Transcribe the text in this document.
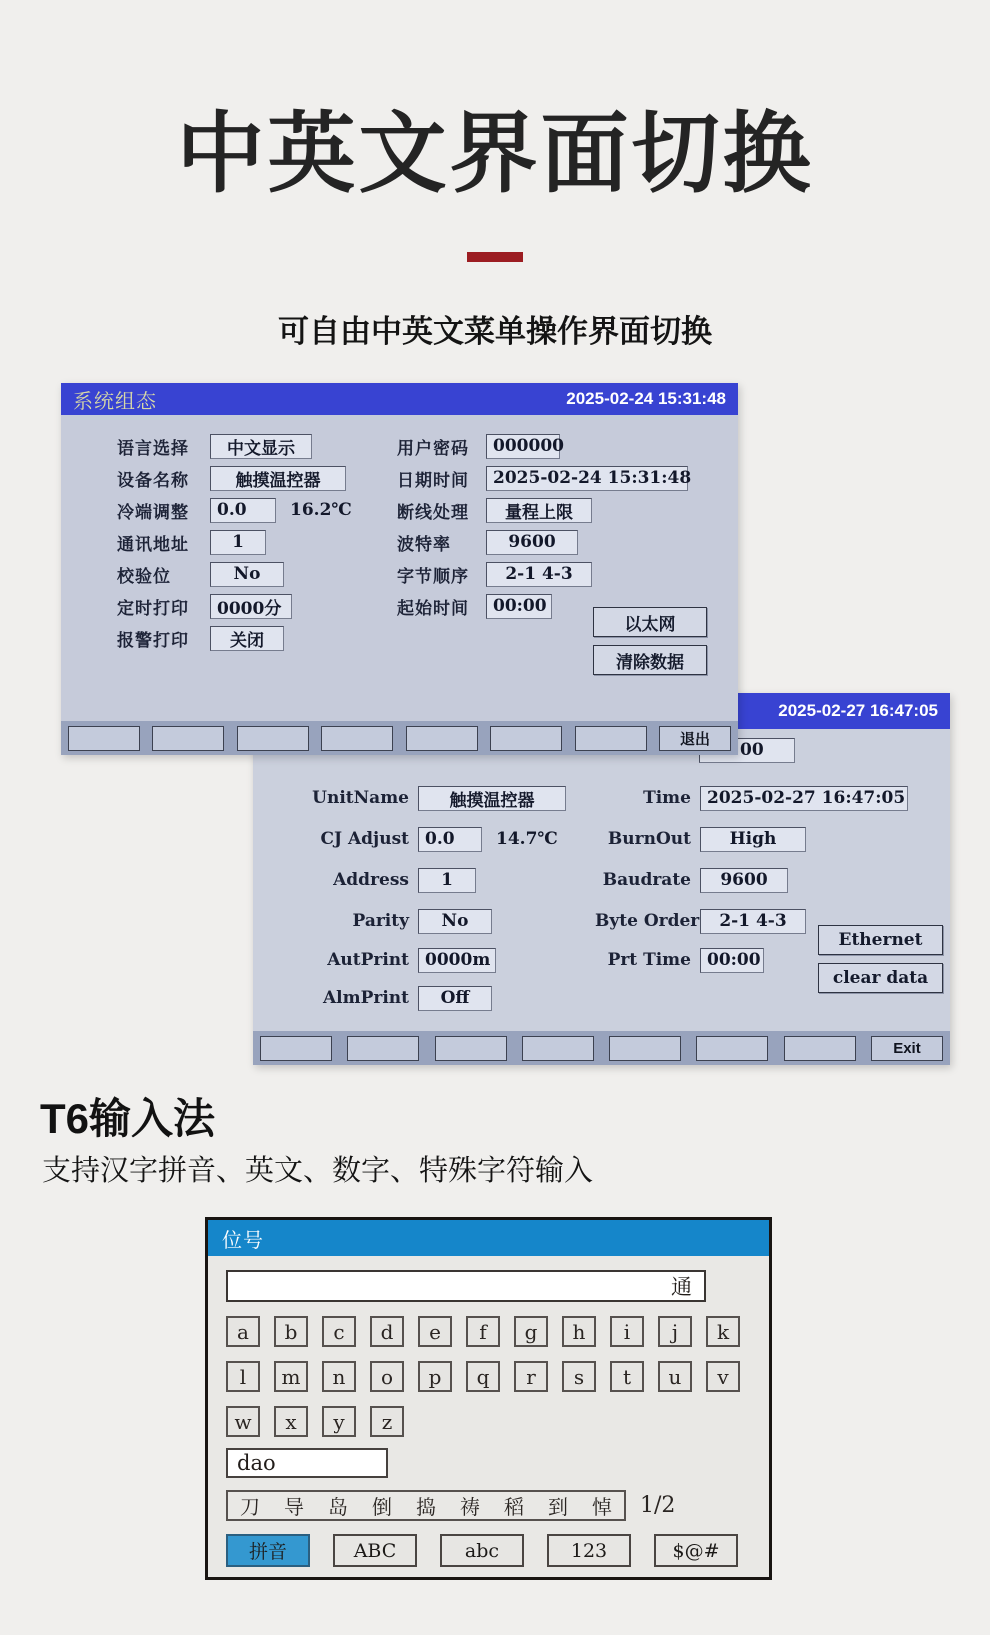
中英文界面切换
可自由中英文菜单操作界面切换
2025-02-27 16:47:05
00
UnitName	触摸温控器	Time 2025-02-27 16:47:05
CJ Adjust 0.0	14.7℃	BurnOut	High
Address	1	Baudrate	9600
Parity	No	Byte Order	2-1 4-3
AutPrint 0000m	Prt Time 00:00
AlmPrint	Off
Ethernet
clear data
Exit
系统组态	2025-02-24 15:31:48
语言选择	中文显示	用户密码	000000
设备名称	触摸温控器	日期时间	2025-02-24 15:31:48
冷端调整	0.0	16.2℃	断线处理	量程上限
通讯地址	1	波特率	9600
校验位	No	字节顺序	2-1 4-3
定时打印	0000分	起始时间	00:00
报警打印	关闭
以太网
清除数据
退出
T6输入法
支持汉字拼音、英文、数字、特殊字符输入
位号
通
a	b	c	d	e	f	g	h	i	j	k
l	m	n	o	p	q	r	s	t	u	v
w	x	y	z
dao
刀 导 岛 倒 捣 祷 稻 到 悼 1/2
拼音	ABC	abc	123	$@#
